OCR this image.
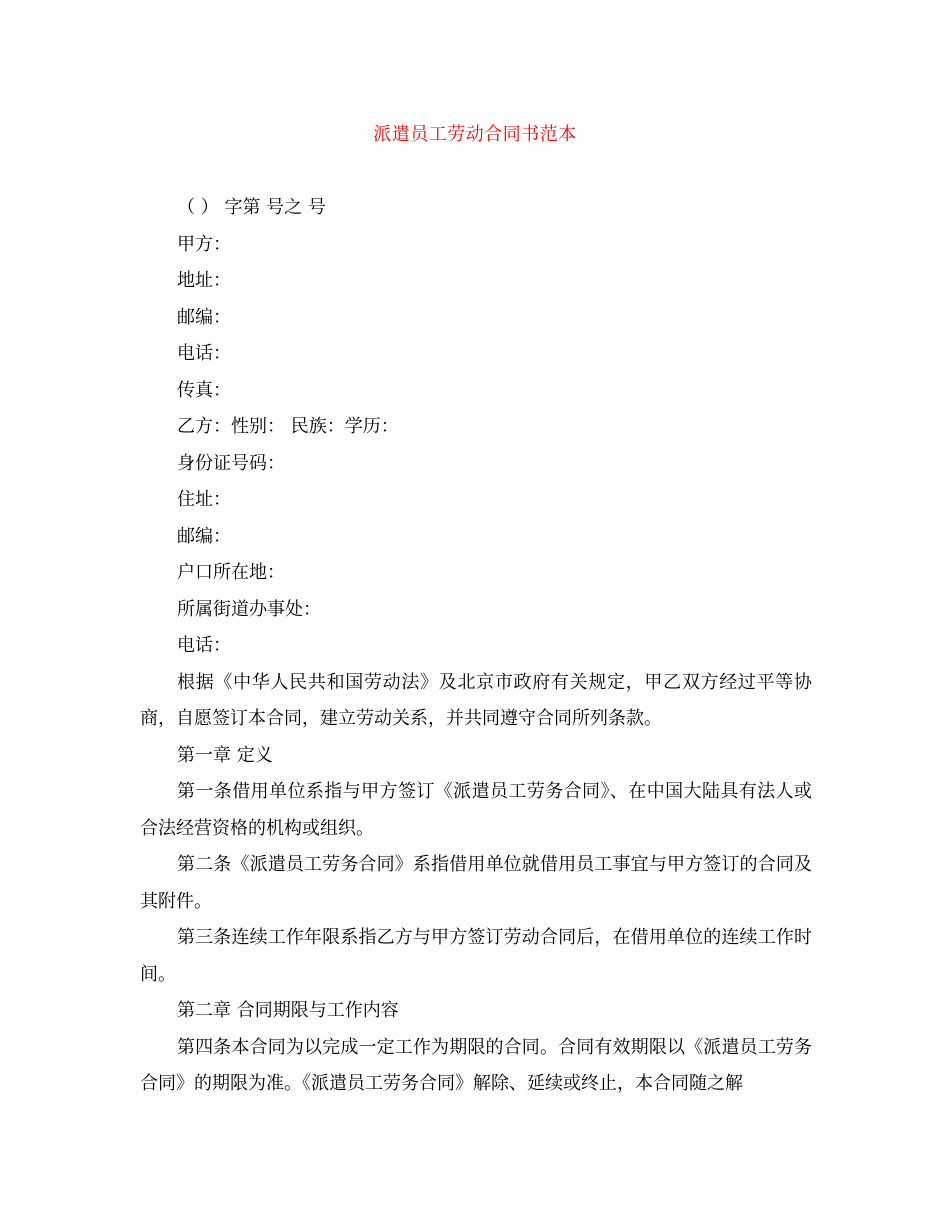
派遣员工劳动合同书范本

（ ） 字第 号之 号

甲方：

地址：

邮编：

电话：

传真：

乙方：性别： 民族：学历：

身份证号码：

住址：

邮编：

户口所在地：

所属街道办事处：

电话：

根据《中华人民共和国劳动法》及北京市政府有关规定，甲乙双方经过平等协商，自愿签订本合同，建立劳动关系，并共同遵守合同所列条款。

第一章 定义

第一条借用单位系指与甲方签订《派遣员工劳务合同》、在中国大陆具有法人或合法经营资格的机构或组织。

第二条《派遣员工劳务合同》系指借用单位就借用员工事宜与甲方签订的合同及其附件。

第三条连续工作年限系指乙方与甲方签订劳动合同后，在借用单位的连续工作时间。

第二章 合同期限与工作内容

第四条本合同为以完成一定工作为期限的合同。合同有效期限以《派遣员工劳务合同》的期限为准。《派遣员工劳务合同》解除、延续或终止，本合同随之解
